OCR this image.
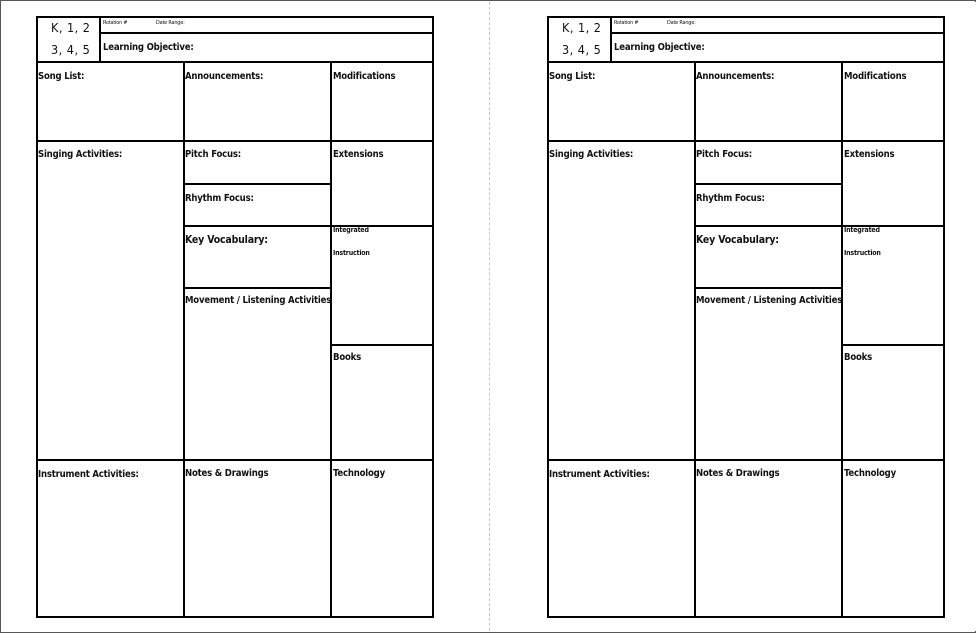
K, 1, 2
3, 4, 5
Rotation #	Date Range:
Learning Objective:
Song List:	Announcements:	Modifications
Singing Activities:	Pitch Focus:	Extensions
Rhythm Focus:
Key Vocabulary:
Integrated
Instruction
Movement / Listening Activities
Books
Instrument Activities:	Notes & Drawings	Technology
K, 1, 2
3, 4, 5
Rotation #	Date Range:
Learning Objective:
Song List:	Announcements:	Modifications
Singing Activities:	Pitch Focus:	Extensions
Rhythm Focus:
Key Vocabulary:
Integrated
Instruction
Movement / Listening Activities
Books
Instrument Activities:	Notes & Drawings	Technology
